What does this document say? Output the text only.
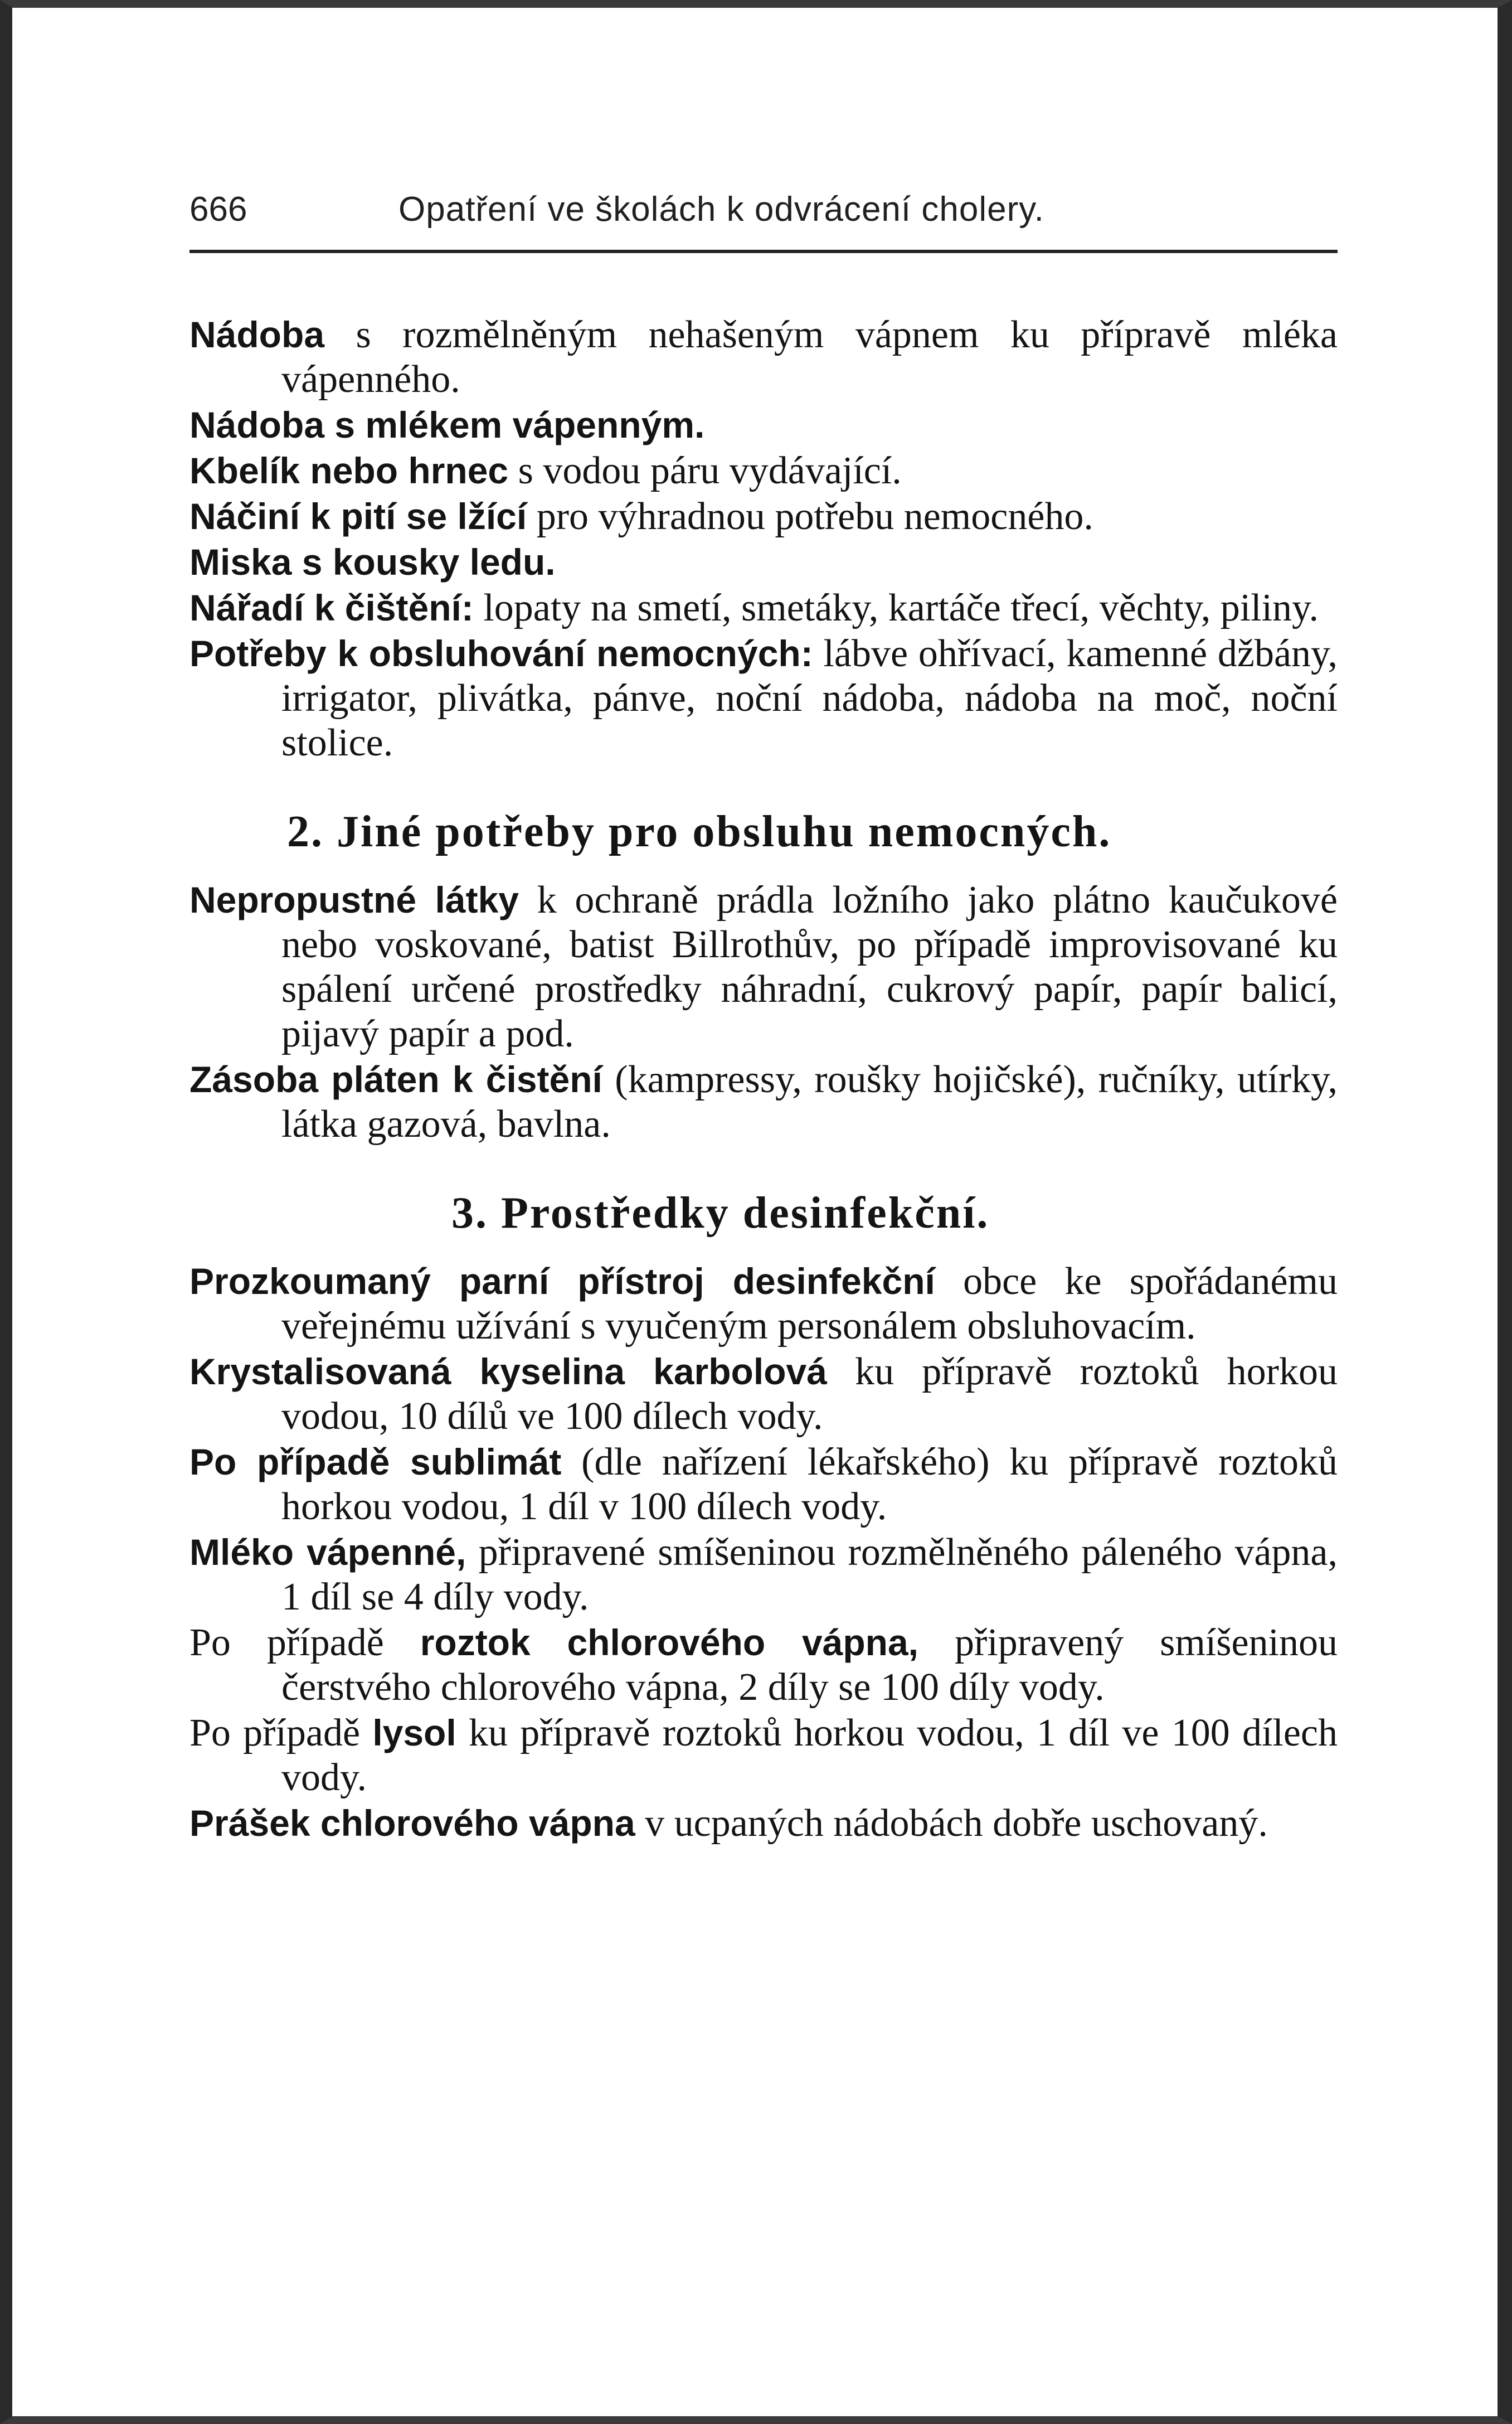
666	Opatření ve školách k odvrácení cholery.

Nádoba s rozmělněným nehašeným vápnem ku přípravě mléka vápenného.

Nádoba s mlékem vápenným.

Kbelík nebo hrnec s vodou páru vydávající.

Náčiní k pití se lžící pro výhradnou potřebu nemocného.

Miska s kousky ledu.

Nářadí k čištění: lopaty na smetí, smetáky, kartáče třecí, věchty, piliny.

Potřeby k obsluhování nemocných: lábve ohřívací, kamenné džbány, irrigator, plivátka, pánve, noční nádoba, nádoba na moč, noční stolice.

2. Jiné potřeby pro obsluhu nemocných.

Nepropustné látky k ochraně prádla ložního jako plátno kaučukové nebo voskované, batist Billrothův, po případě improvisované ku spálení určené prostředky náhradní, cukrový papír, papír balicí, pijavý papír a pod.

Zásoba pláten k čistění (kampressy, roušky hojičské), ručníky, utírky, látka gazová, bavlna.

3. Prostředky desinfekční.

Prozkoumaný parní přístroj desinfekční obce ke spořádanému veřejnému užívání s vyučeným personálem obsluhovacím.

Krystalisovaná kyselina karbolová ku přípravě roztoků horkou vodou, 10 dílů ve 100 dílech vody.

Po případě sublimát (dle nařízení lékařského) ku přípravě roztoků horkou vodou, 1 díl v 100 dílech vody.

Mléko vápenné, připravené smíšeninou rozmělněného páleného vápna, 1 díl se 4 díly vody.

Po případě roztok chlorového vápna, připravený smíšeninou čerstvého chlorového vápna, 2 díly se 100 díly vody.

Po případě lysol ku přípravě roztoků horkou vodou, 1 díl ve 100 dílech vody.

Prášek chlorového vápna v ucpaných nádobách dobře uschovaný.
